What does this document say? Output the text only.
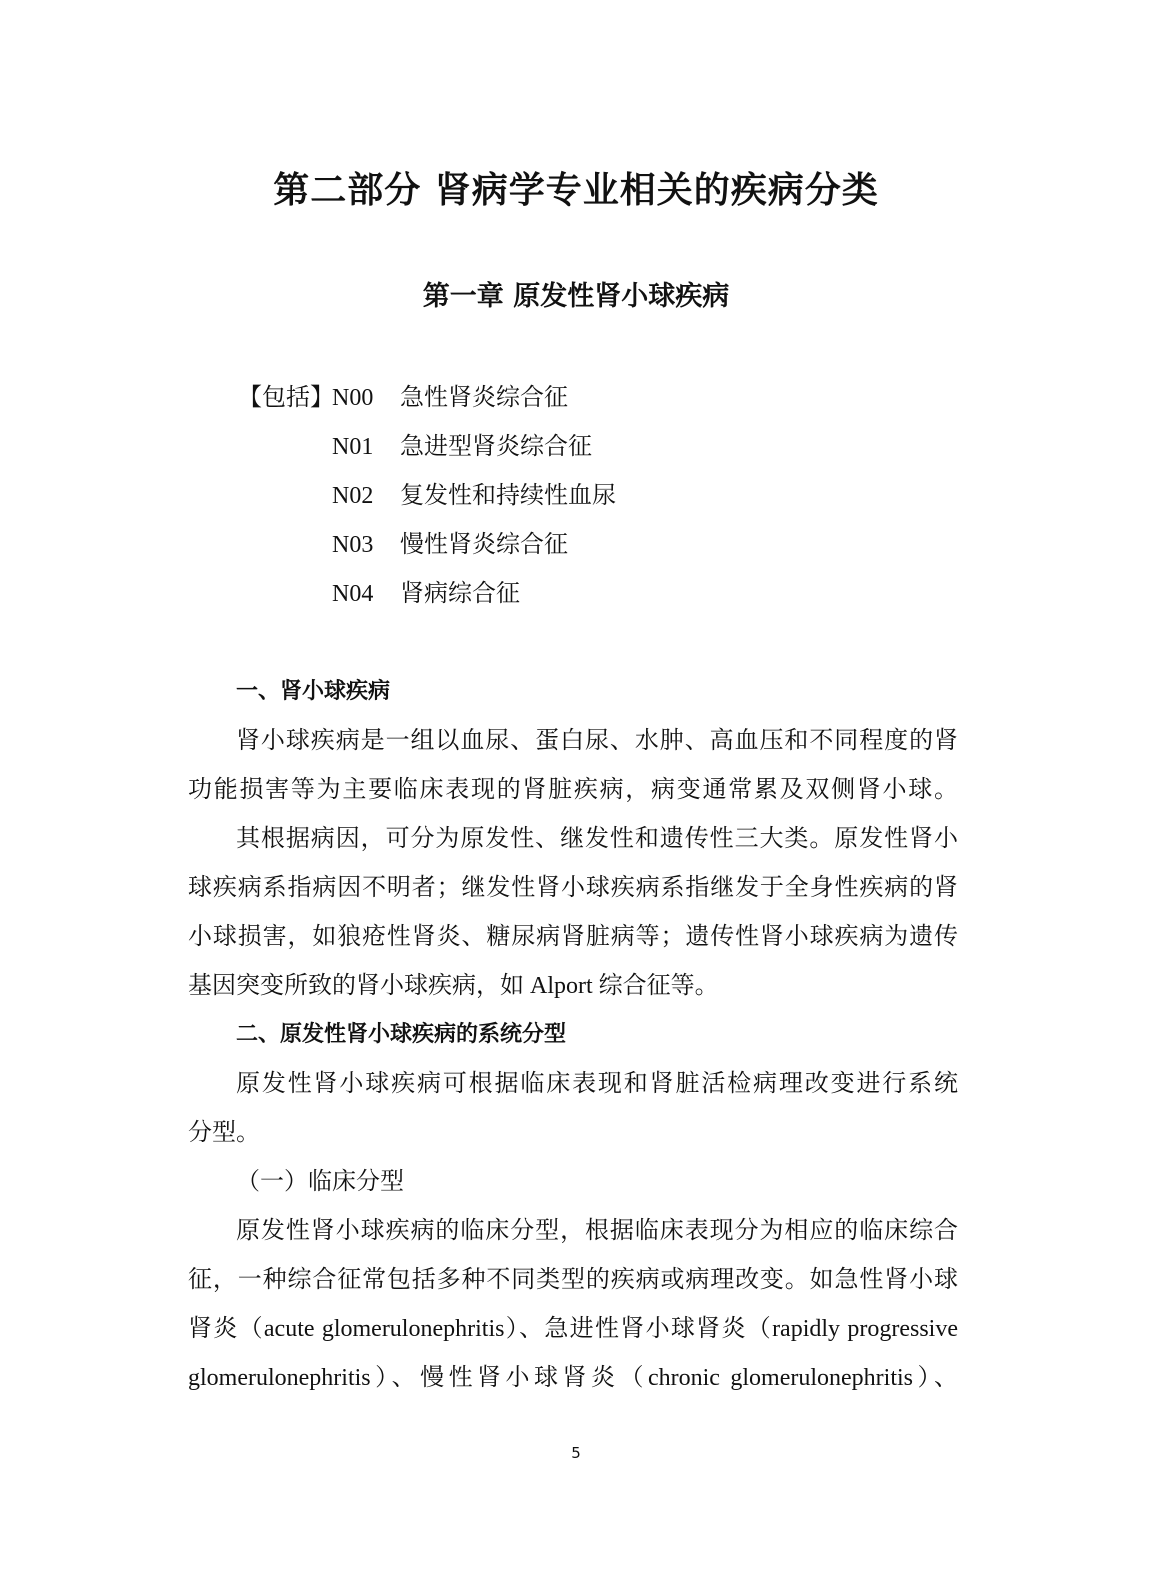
第二部分 肾病学专业相关的疾病分类
第一章 原发性肾小球疾病
【包括】
N00	急性肾炎综合征
N01	急进型肾炎综合征
N02	复发性和持续性血尿
N03	慢性肾炎综合征
N04	肾病综合征
一、肾小球疾病
肾小球疾病是一组以血尿、蛋白尿、水肿、高血压和不同程度的肾
功能损害等为主要临床表现的肾脏疾病，病变通常累及双侧肾小球。
其根据病因，可分为原发性、继发性和遗传性三大类。原发性肾小
球疾病系指病因不明者；继发性肾小球疾病系指继发于全身性疾病的肾
小球损害，如狼疮性肾炎、糖尿病肾脏病等；遗传性肾小球疾病为遗传
基因突变所致的肾小球疾病，如 Alport 综合征等。
二、原发性肾小球疾病的系统分型
原发性肾小球疾病可根据临床表现和肾脏活检病理改变进行系统
分型。
（一）临床分型
原发性肾小球疾病的临床分型，根据临床表现分为相应的临床综合
征，一种综合征常包括多种不同类型的疾病或病理改变。如急性肾小球
肾炎（acute glomerulonephritis）、急进性肾小球肾炎（rapidly progressive
glomerulonephritis）、慢性肾小球肾炎（chronic glomerulonephritis）、
5
